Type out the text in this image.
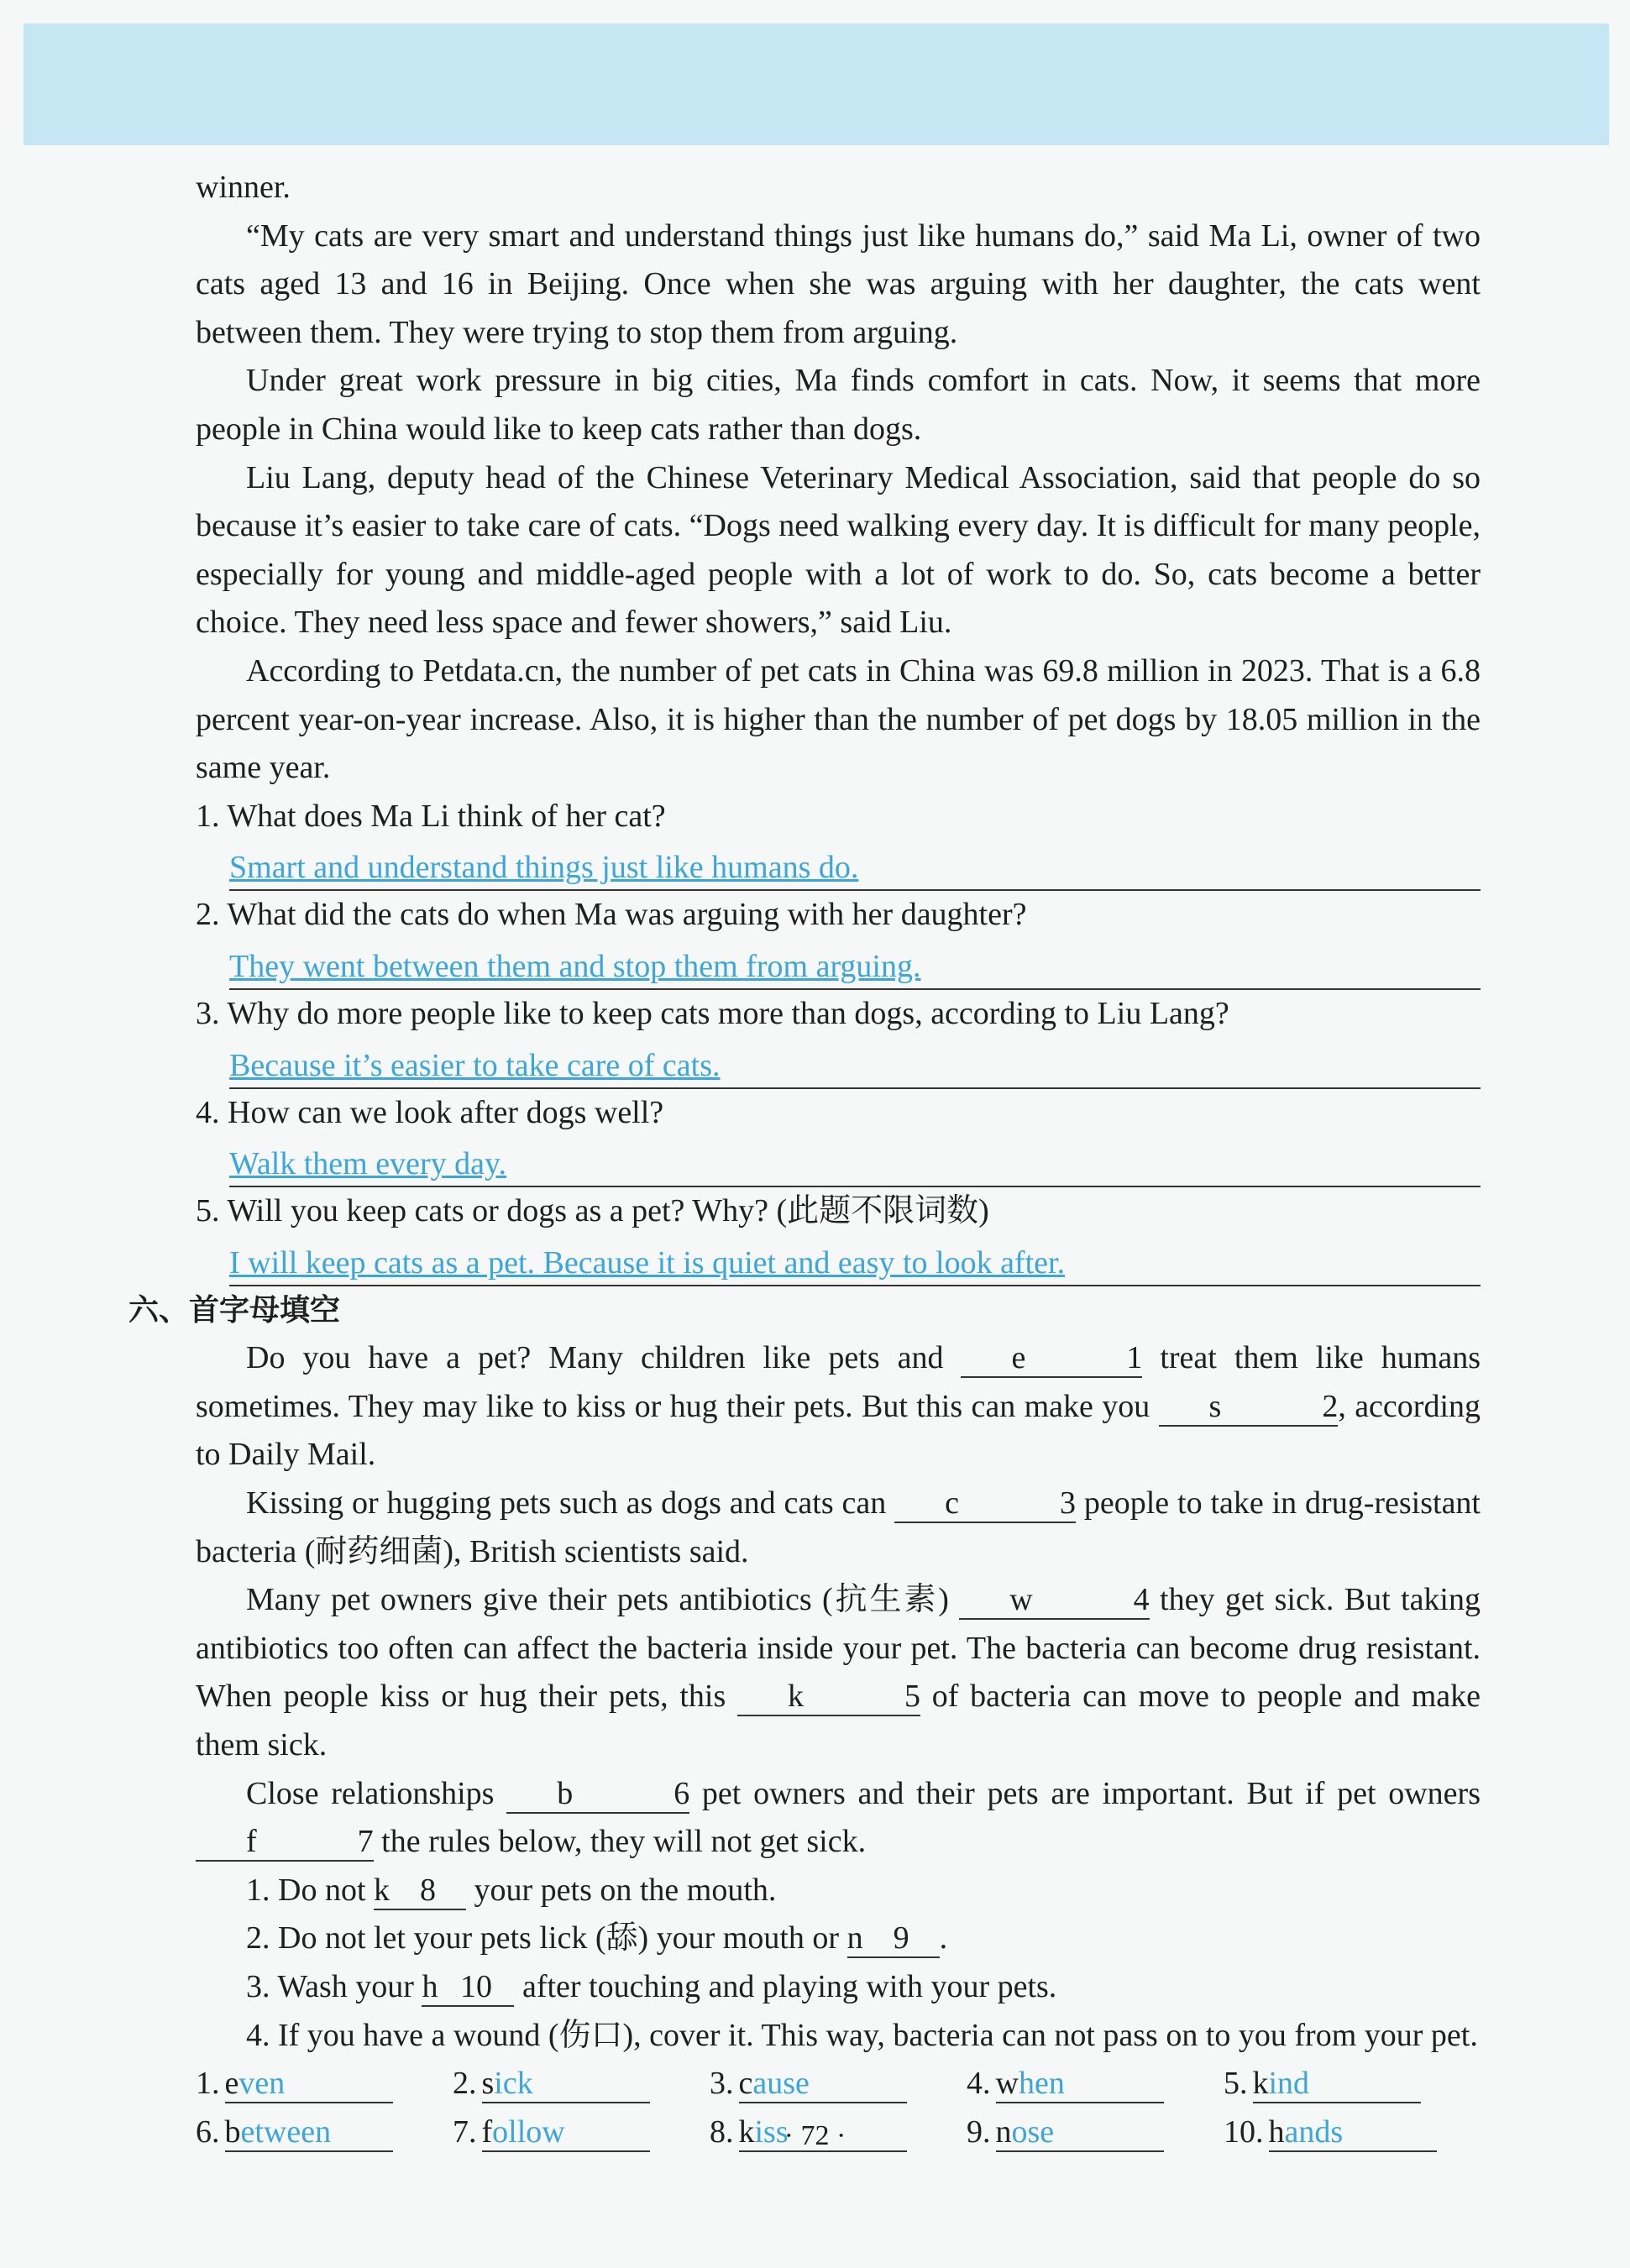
winner.

“My cats are very smart and understand things just like humans do,” said Ma Li, owner of two cats aged 13 and 16 in Beijing. Once when she was arguing with her daughter, the cats went between them. They were trying to stop them from arguing.

Under great work pressure in big cities, Ma finds comfort in cats. Now, it seems that more people in China would like to keep cats rather than dogs.

Liu Lang, deputy head of the Chinese Veterinary Medical Association, said that people do so because it’s easier to take care of cats. “Dogs need walking every day. It is difficult for many people, especially for young and middle-aged people with a lot of work to do. So, cats become a better choice. They need less space and fewer showers,” said Liu.

According to Petdata.cn, the number of pet cats in China was 69.8 million in 2023. That is a 6.8 percent year-on-year increase. Also, it is higher than the number of pet dogs by 18.05 million in the same year.

1. What does Ma Li think of her cat?

Smart and understand things just like humans do.

2. What did the cats do when Ma was arguing with her daughter?

They went between them and stop them from arguing.

3. Why do more people like to keep cats more than dogs, according to Liu Lang?

Because it’s easier to take care of cats.

4. How can we look after dogs well?

Walk them every day.

5. Will you keep cats or dogs as a pet? Why? (此题不限词数)

I will keep cats as a pet. Because it is quiet and easy to look after.

六、首字母填空

Do you have a pet? Many children like pets and	e	1 treat them like humans sometimes. They may like to kiss or hug their pets. But this can make you	s	2, according to Daily Mail.

Kissing or hugging pets such as dogs and cats can	c	3 people to take in drug-resistant bacteria (耐药细菌), British scientists said.

Many pet owners give their pets antibiotics (抗生素)	w	4 they get sick. But taking antibiotics too often can affect the bacteria inside your pet. The bacteria can become drug resistant. When people kiss or hug their pets, this	k	5 of bacteria can move to people and make them sick.

Close relationships	b	6 pet owners and their pets are important. But if pet owners
f	7 the rules below, they will not get sick.

1. Do not k 8 your pets on the mouth.

2. Do not let your pets lick (舔) your mouth or n 9 .

3. Wash your h 10 after touching and playing with your pets.

4. If you have a wound (伤口), cover it. This way, bacteria can not pass on to you from your pet.

1. even	2. sick	3. cause	4. when	5. kind
6. between	7. follow	8. kiss	9. nose	10. hands
· 72 ·
